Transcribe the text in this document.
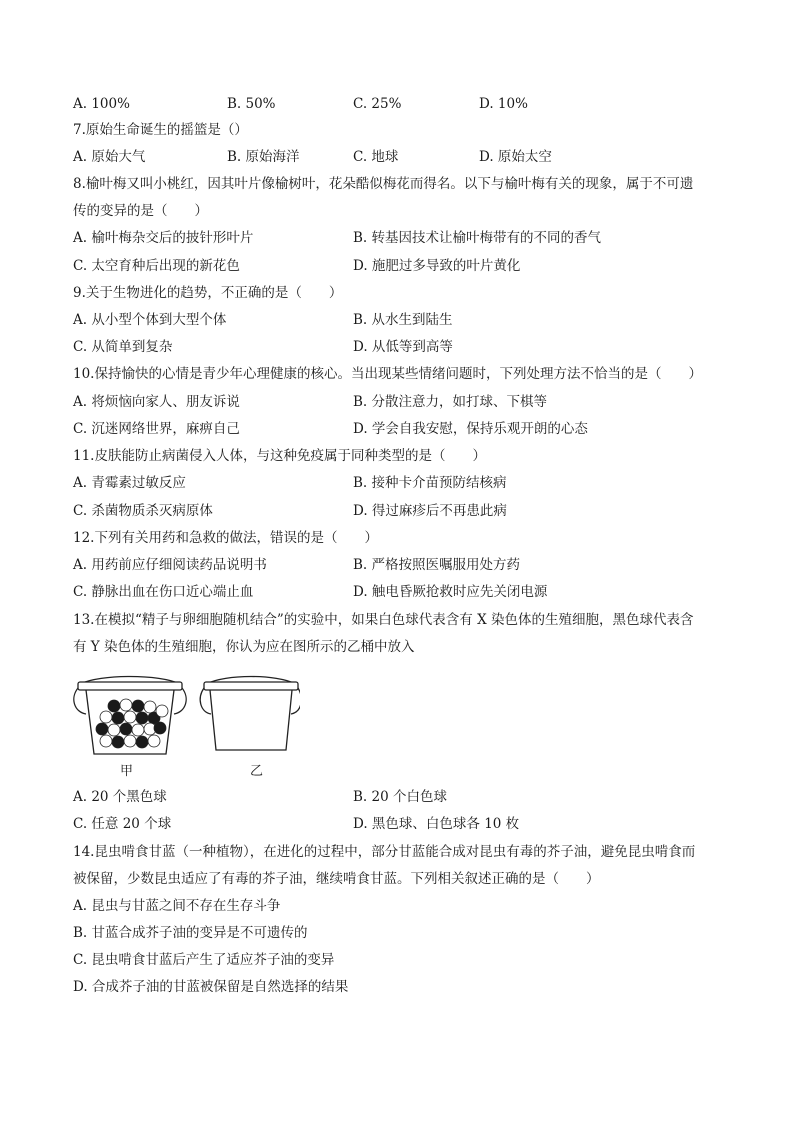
A. 100%	B. 50%	C. 25%	D. 10%
7.原始生命诞生的摇篮是（）
A. 原始大气	B. 原始海洋	C. 地球	D. 原始太空
8.榆叶梅又叫小桃红，因其叶片像榆树叶，花朵酷似梅花而得名。以下与榆叶梅有关的现象，属于不可遗
传的变异的是（　　）
A. 榆叶梅杂交后的披针形叶片	B. 转基因技术让榆叶梅带有的不同的香气
C. 太空育种后出现的新花色	D. 施肥过多导致的叶片黄化
9.关于生物进化的趋势，不正确的是（　　）
A. 从小型个体到大型个体	B. 从水生到陆生
C. 从简单到复杂	D. 从低等到高等
10.保持愉快的心情是青少年心理健康的核心。当出现某些情绪问题时，下列处理方法不恰当的是（　　）
A. 将烦恼向家人、朋友诉说	B. 分散注意力，如打球、下棋等
C. 沉迷网络世界，麻痹自己	D. 学会自我安慰，保持乐观开朗的心态
11.皮肤能防止病菌侵入人体，与这种免疫属于同种类型的是（　　）
A. 青霉素过敏反应	B. 接种卡介苗预防结核病
C. 杀菌物质杀灭病原体	D. 得过麻疹后不再患此病
12.下列有关用药和急救的做法，错误的是（　　）
A. 用药前应仔细阅读药品说明书	B. 严格按照医嘱服用处方药
C. 静脉出血在伤口近心端止血	D. 触电昏厥抢救时应先关闭电源
13.在模拟“精子与卵细胞随机结合”的实验中，如果白色球代表含有 X 染色体的生殖细胞，黑色球代表含
有 Y 染色体的生殖细胞，你认为应在图所示的乙桶中放入
甲	乙
A. 20 个黑色球	B. 20 个白色球
C. 任意 20 个球	D. 黑色球、白色球各 10 枚
14.昆虫啃食甘蓝（一种植物），在进化的过程中，部分甘蓝能合成对昆虫有毒的芥子油，避免昆虫啃食而
被保留，少数昆虫适应了有毒的芥子油，继续啃食甘蓝。下列相关叙述正确的是（　　）
A. 昆虫与甘蓝之间不存在生存斗争
B. 甘蓝合成芥子油的变异是不可遗传的
C. 昆虫啃食甘蓝后产生了适应芥子油的变异
D. 合成芥子油的甘蓝被保留是自然选择的结果
